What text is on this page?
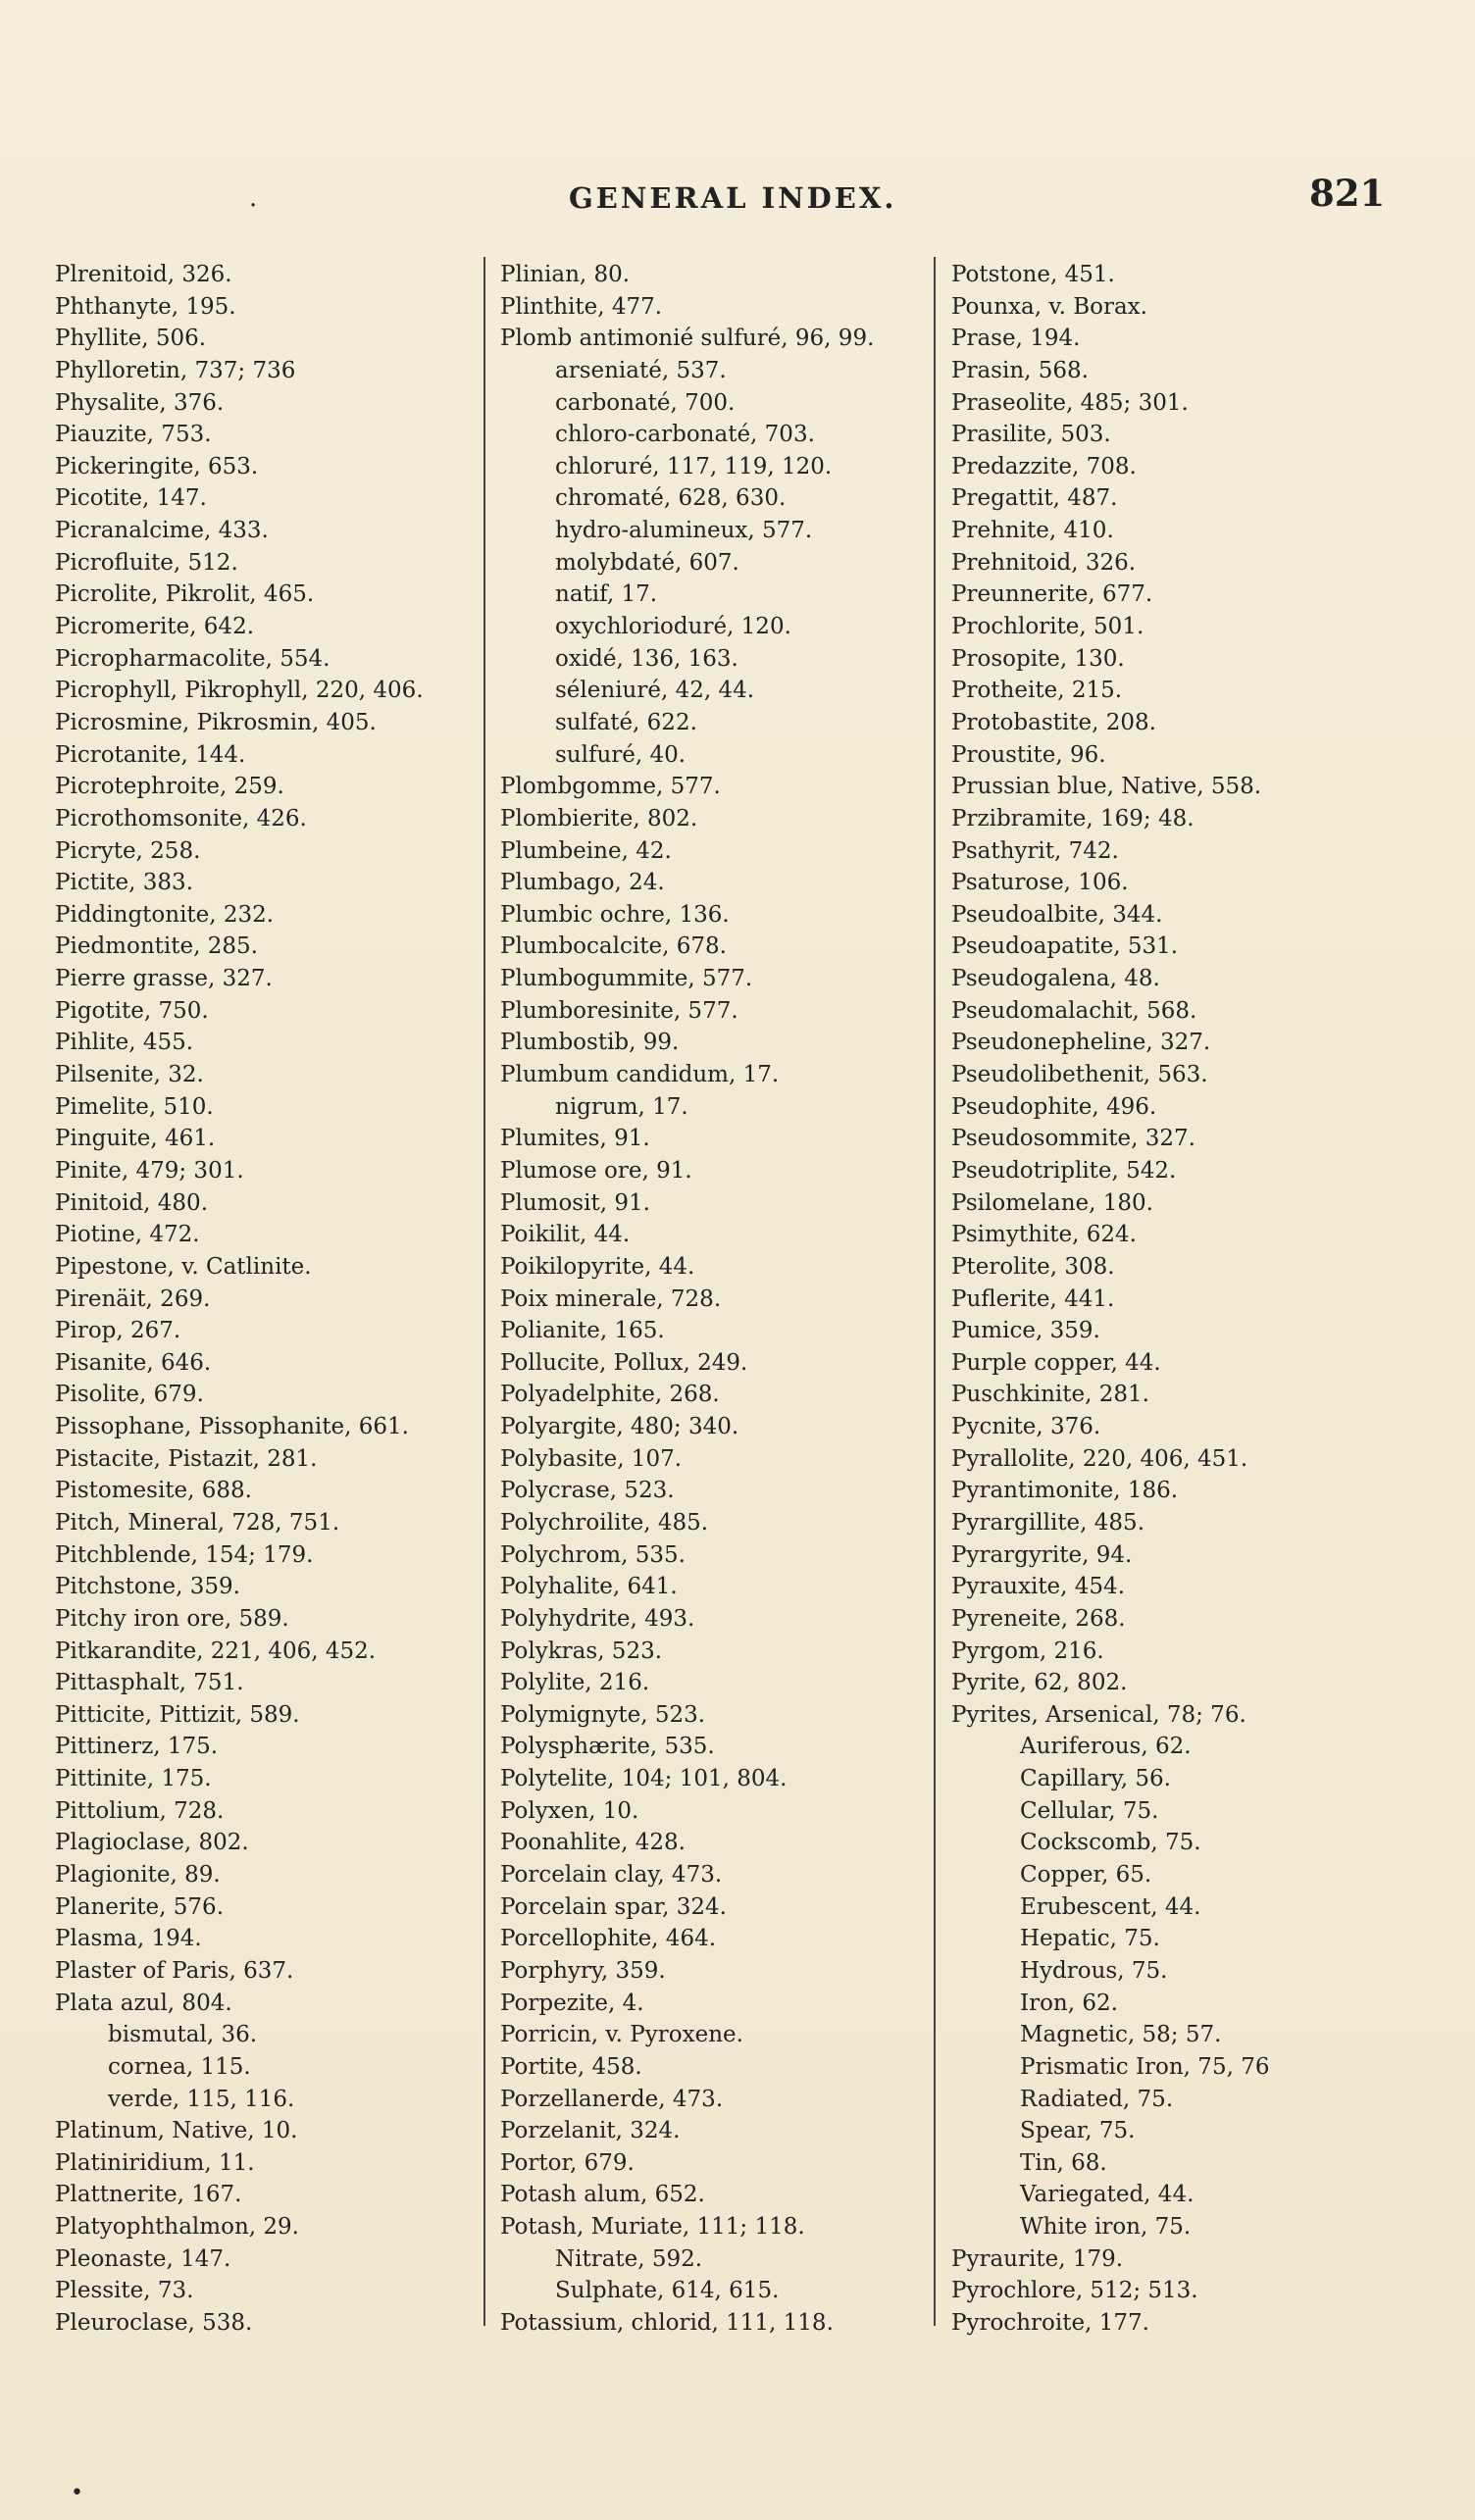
·	GENERAL INDEX.	821
Plrenitoid, 326.
Phthanyte, 195.
Phyllite, 506.
Phylloretin, 737; 736
Physalite, 376.
Piauzite, 753.
Pickeringite, 653.
Picotite, 147.
Picranalcime, 433.
Picrofluite, 512.
Picrolite, Pikrolit, 465.
Picromerite, 642.
Picropharmacolite, 554.
Picrophyll, Pikrophyll, 220, 406.
Picrosmine, Pikrosmin, 405.
Picrotanite, 144.
Picrotephroite, 259.
Picrothomsonite, 426.
Picryte, 258.
Pictite, 383.
Piddingtonite, 232.
Piedmontite, 285.
Pierre grasse, 327.
Pigotite, 750.
Pihlite, 455.
Pilsenite, 32.
Pimelite, 510.
Pinguite, 461.
Pinite, 479; 301.
Pinitoid, 480.
Piotine, 472.
Pipestone, v. Catlinite.
Pirenäit, 269.
Pirop, 267.
Pisanite, 646.
Pisolite, 679.
Pissophane, Pissophanite, 661.
Pistacite, Pistazit, 281.
Pistomesite, 688.
Pitch, Mineral, 728, 751.
Pitchblende, 154; 179.
Pitchstone, 359.
Pitchy iron ore, 589.
Pitkarandite, 221, 406, 452.
Pittasphalt, 751.
Pitticite, Pittizit, 589.
Pittinerz, 175.
Pittinite, 175.
Pittolium, 728.
Plagioclase, 802.
Plagionite, 89.
Planerite, 576.
Plasma, 194.
Plaster of Paris, 637.
Plata azul, 804.
bismutal, 36.
cornea, 115.
verde, 115, 116.
Platinum, Native, 10.
Platiniridium, 11.
Plattnerite, 167.
Platyophthalmon, 29.
Pleonaste, 147.
Plessite, 73.
Pleuroclase, 538.
Plinian, 80.
Plinthite, 477.
Plomb antimonié sulfuré, 96, 99.
arseniaté, 537.
carbonaté, 700.
chloro-carbonaté, 703.
chloruré, 117, 119, 120.
chromaté, 628, 630.
hydro-alumineux, 577.
molybdaté, 607.
natif, 17.
oxychlorioduré, 120.
oxidé, 136, 163.
séleniuré, 42, 44.
sulfaté, 622.
sulfuré, 40.
Plombgomme, 577.
Plombierite, 802.
Plumbeine, 42.
Plumbago, 24.
Plumbic ochre, 136.
Plumbocalcite, 678.
Plumbogummite, 577.
Plumboresinite, 577.
Plumbostib, 99.
Plumbum candidum, 17.
nigrum, 17.
Plumites, 91.
Plumose ore, 91.
Plumosit, 91.
Poikilit, 44.
Poikilopyrite, 44.
Poix minerale, 728.
Polianite, 165.
Pollucite, Pollux, 249.
Polyadelphite, 268.
Polyargite, 480; 340.
Polybasite, 107.
Polycrase, 523.
Polychroilite, 485.
Polychrom, 535.
Polyhalite, 641.
Polyhydrite, 493.
Polykras, 523.
Polylite, 216.
Polymignyte, 523.
Polysphærite, 535.
Polytelite, 104; 101, 804.
Polyxen, 10.
Poonahlite, 428.
Porcelain clay, 473.
Porcelain spar, 324.
Porcellophite, 464.
Porphyry, 359.
Porpezite, 4.
Porricin, v. Pyroxene.
Portite, 458.
Porzellanerde, 473.
Porzelanit, 324.
Portor, 679.
Potash alum, 652.
Potash, Muriate, 111; 118.
Nitrate, 592.
Sulphate, 614, 615.
Potassium, chlorid, 111, 118.
Potstone, 451.
Pounxa, v. Borax.
Prase, 194.
Prasin, 568.
Praseolite, 485; 301.
Prasilite, 503.
Predazzite, 708.
Pregattit, 487.
Prehnite, 410.
Prehnitoid, 326.
Preunnerite, 677.
Prochlorite, 501.
Prosopite, 130.
Protheite, 215.
Protobastite, 208.
Proustite, 96.
Prussian blue, Native, 558.
Przibramite, 169; 48.
Psathyrit, 742.
Psaturose, 106.
Pseudoalbite, 344.
Pseudoapatite, 531.
Pseudogalena, 48.
Pseudomalachit, 568.
Pseudonepheline, 327.
Pseudolibethenit, 563.
Pseudophite, 496.
Pseudosommite, 327.
Pseudotriplite, 542.
Psilomelane, 180.
Psimythite, 624.
Pterolite, 308.
Puflerite, 441.
Pumice, 359.
Purple copper, 44.
Puschkinite, 281.
Pycnite, 376.
Pyrallolite, 220, 406, 451.
Pyrantimonite, 186.
Pyrargillite, 485.
Pyrargyrite, 94.
Pyrauxite, 454.
Pyreneite, 268.
Pyrgom, 216.
Pyrite, 62, 802.
Pyrites, Arsenical, 78; 76.
Auriferous, 62.
Capillary, 56.
Cellular, 75.
Cockscomb, 75.
Copper, 65.
Erubescent, 44.
Hepatic, 75.
Hydrous, 75.
Iron, 62.
Magnetic, 58; 57.
Prismatic Iron, 75, 76
Radiated, 75.
Spear, 75.
Tin, 68.
Variegated, 44.
White iron, 75.
Pyraurite, 179.
Pyrochlore, 512; 513.
Pyrochroite, 177.
•
